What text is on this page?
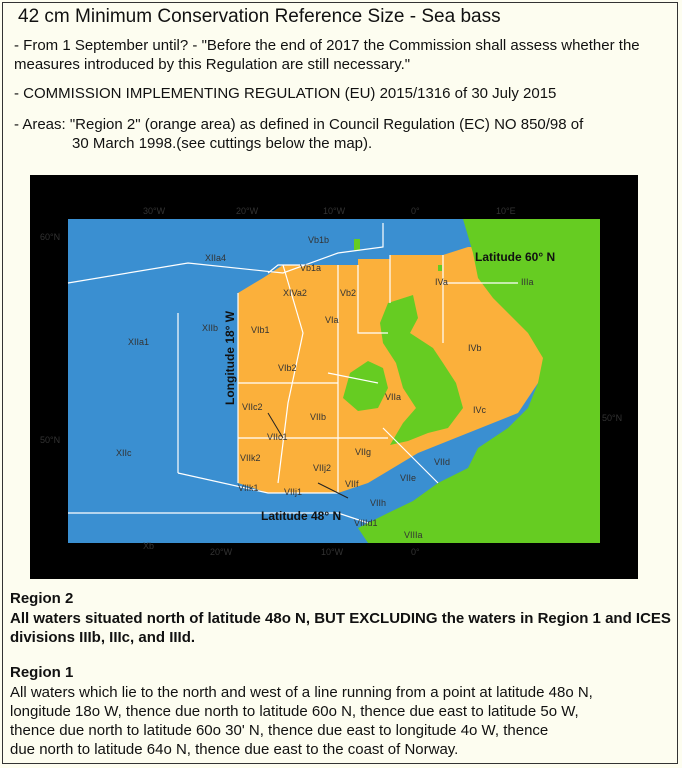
42 cm Minimum Conservation Reference Size - Sea bass
- From 1 September until? - "Before the end of 2017 the Commission shall assess whether the measures introduced by this Regulation are still necessary."
- COMMISSION IMPLEMENTING REGULATION (EU) 2015/1316 of 30 July 2015
- Areas: "Region 2" (orange area) as defined in Council Regulation (EC) NO 850/98 of
30 March 1998.(see cuttings below the map).
30°W	20°W	10°W	0°	10°E
20°W	10°W	0°
60°N
50°N
50°N
Latitude 60° N
Latitude 48° N
Longitude 18° W
XIIa4
Vb1b
Vb1a
XIVa2	Vb2
IVa	IIIa
XIIb	VIb1
VIa
IVb
XIIa1
VIb2
VIIc2
VIIb
VIIa
IVc
VIIc1
VIIk2
VIIg
VIId
XIIc
VIIj2
VIIe
VIIf
VIIk1	VIIj1
VIIh
VIIId1
VIIIa
Xb
Region 2
All waters situated north of latitude 48o N, BUT EXCLUDING the waters in Region 1 and ICES divisions IIIb, IIIc, and IIId.
Region 1
All waters which lie to the north and west of a line running from a point at latitude 48o N,
longitude 18o W, thence due north to latitude 60o N, thence due east to latitude 5o W,
thence due north to latitude 60o 30' N, thence due east to longitude 4o W, thence
due north to latitude 64o N, thence due east to the coast of Norway.
